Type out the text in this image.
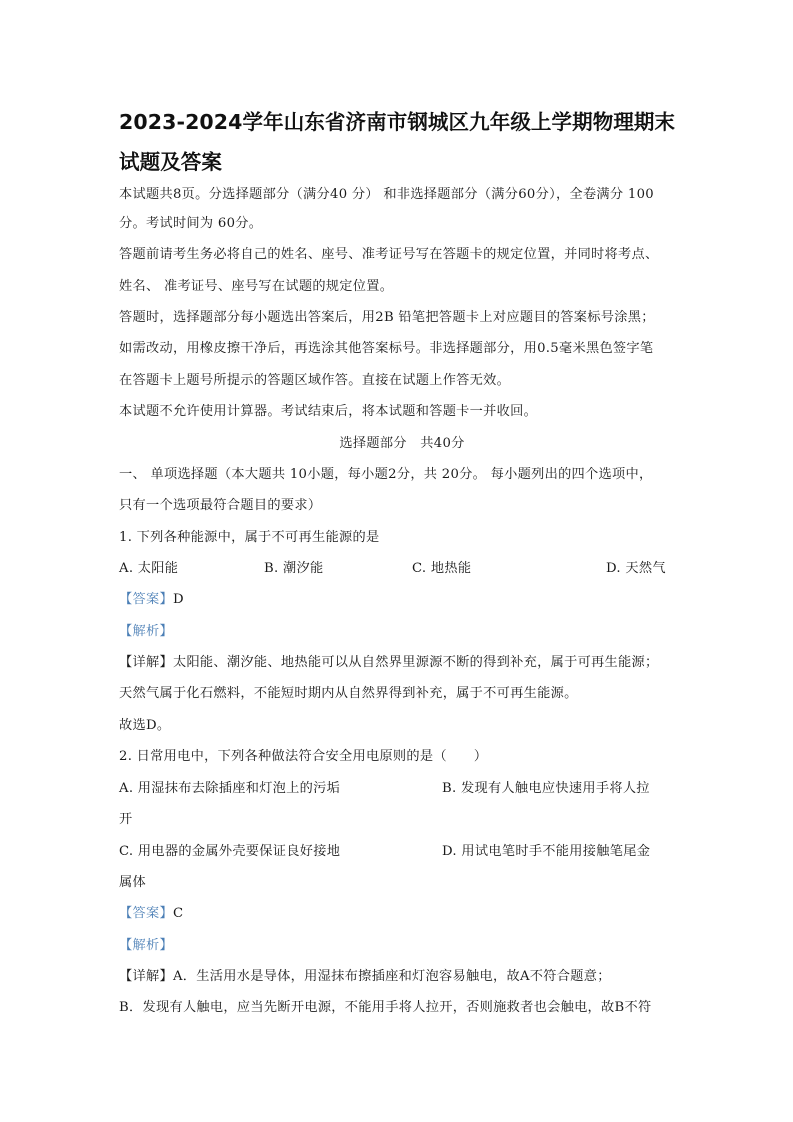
2023-2024学年山东省济南市钢城区九年级上学期物理期末
试题及答案
本试题共8页。分选择题部分（满分40 分） 和非选择题部分（满分60分），全卷满分 100
分。考试时间为 60分。
答题前请考生务必将自己的姓名、座号、准考证号写在答题卡的规定位置，并同时将考点、
姓名、 准考证号、座号写在试题的规定位置。
答题时，选择题部分每小题选出答案后，用2B 铅笔把答题卡上对应题目的答案标号涂黑；
如需改动，用橡皮擦干净后，再选涂其他答案标号。非选择题部分，用0.5毫米黑色签字笔
在答题卡上题号所提示的答题区域作答。直接在试题上作答无效。
本试题不允许使用计算器。考试结束后，将本试题和答题卡一并收回。
选择题部分　共40分
一、 单项选择题（本大题共 10小题，每小题2分，共 20分。 每小题列出的四个选项中，
只有一个选项最符合题目的要求）
1. 下列各种能源中，属于不可再生能源的是
A. 太阳能	B. 潮汐能	C. 地热能	D. 天然气
【答案】D
【解析】
【详解】太阳能、潮汐能、地热能可以从自然界里源源不断的得到补充，属于可再生能源；
天然气属于化石燃料，不能短时期内从自然界得到补充，属于不可再生能源。
故选D。
2. 日常用电中，下列各种做法符合安全用电原则的是（　　）
A. 用湿抹布去除插座和灯泡上的污垢	B. 发现有人触电应快速用手将人拉
开
C. 用电器的金属外壳要保证良好接地	D. 用试电笔时手不能用接触笔尾金
属体
【答案】C
【解析】
【详解】A．生活用水是导体，用湿抹布擦插座和灯泡容易触电，故A不符合题意；
B．发现有人触电，应当先断开电源，不能用手将人拉开，否则施救者也会触电，故B不符
